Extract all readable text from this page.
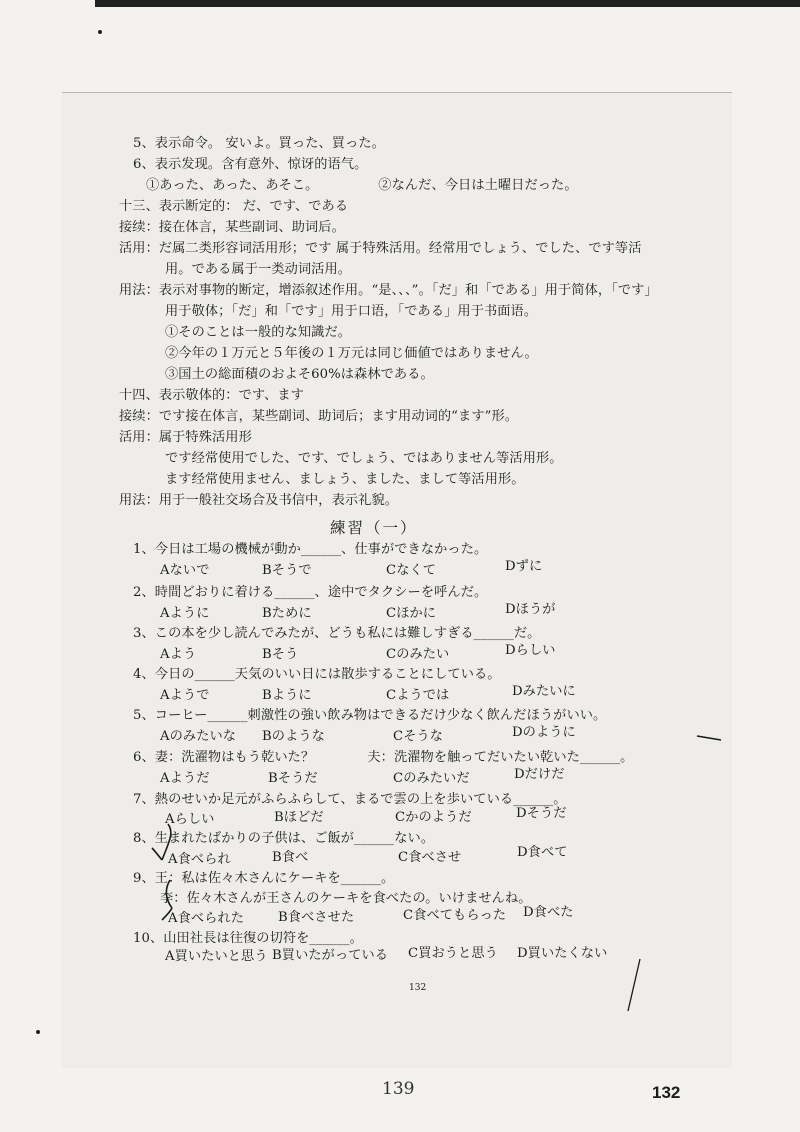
5、表示命令。 安いよ。買った、買った。
6、表示发现。含有意外、惊讶的语气。
①あった、あった、あそこ。　　　　　②なんだ、今日は土曜日だった。
十三、表示断定的： だ、です、である
接续：接在体言，某些副词、助词后。
活用：だ属二类形容词活用形；です 属于特殊活用。经常用でしょう、でした、です等活
用。である属于一类动词活用。
用法：表示对事物的断定，增添叙述作用。“是、、、”。「だ」和「である」用于简体，「です」
用于敬体；「だ」和「です」用于口语，「である」用于书面语。
①そのことは一般的な知識だ。
②今年の１万元と５年後の１万元は同じ価値ではありません。
③国土の総面積のおよそ60%は森林である。
十四、表示敬体的：です、ます
接续：です接在体言，某些副词、助词后；ます用动词的“ます”形。
活用：属于特殊活用形
です经常使用でした、です、でしょう、ではありません等活用形。
ます经常使用ません、ましょう、ました、まして等活用形。
用法：用于一般社交场合及书信中，表示礼貌。
練習（一）
1、今日は工場の機械が動か______、仕事ができなかった。
Aないで	Bそうで	Cなくて	Dずに
2、時間どおりに着ける______、途中でタクシーを呼んだ。
Aように	Bために	Cほかに	Dほうが
3、この本を少し読んでみたが、どうも私には難しすぎる______だ。
Aよう	Bそう	Cのみたい	Dらしい
4、今日の______天気のいい日には散歩することにしている。
Aようで	Bように	Cようでは	Dみたいに
5、コーヒー______刺激性の強い飲み物はできるだけ少なく飲んだほうがいい。
Aのみたいな Bのような	Cそうな	Dのように
6、妻：洗濯物はもう乾いた？　　　　夫：洗濯物を触ってだいたい乾いた______。
Aようだ	Bそうだ	Cのみたいだ	Dだけだ
7、熱のせいか足元がふらふらして、まるで雲の上を歩いている______。
Aらしい	Bほどだ	Cかのようだ	Dそうだ
8、生まれたばかりの子供は、ご飯が______ない。
A食べられ	B食べ	C食べさせ	D食べて
9、王：私は佐々木さんにケーキを______。
李：佐々木さんが王さんのケーキを食べたの。いけませんね。
A食べられた	B食べさせた	C食べてもらった D食べた
10、山田社長は往復の切符を______。
A買いたいと思う B買いたがっている C買おうと思う D買いたくない
132
139	132
